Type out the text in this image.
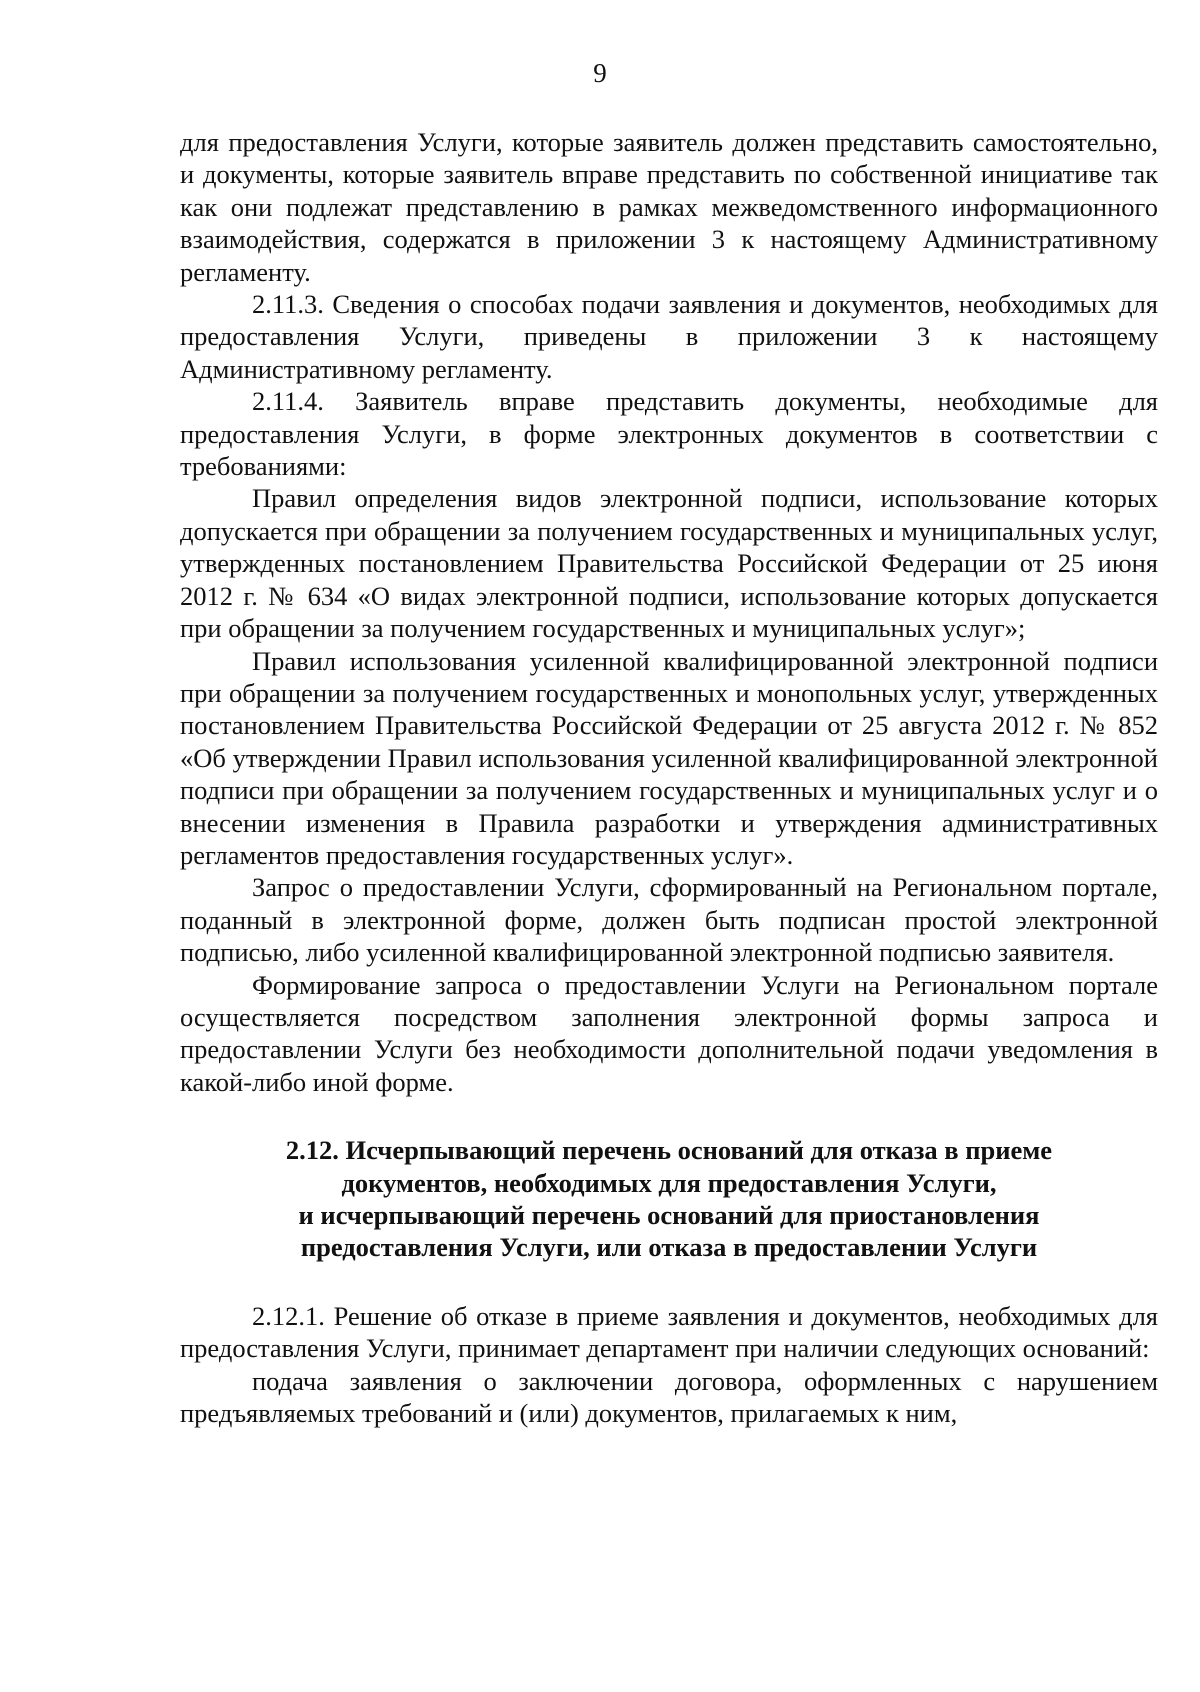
9

для предоставления Услуги, которые заявитель должен представить самостоятельно, и документы, которые заявитель вправе представить по собственной инициативе так как они подлежат представлению в рамках межведомственного информационного взаимодействия, содержатся в приложении 3 к настоящему Административному регламенту.

2.11.3. Сведения о способах подачи заявления и документов, необходимых для предоставления Услуги, приведены в приложении 3 к настоящему Административному регламенту.

2.11.4. Заявитель вправе представить документы, необходимые для предоставления Услуги, в форме электронных документов в соответствии с требованиями:

Правил определения видов электронной подписи, использование которых допускается при обращении за получением государственных и муниципальных услуг, утвержденных постановлением Правительства Российской Федерации от 25 июня 2012 г. № 634 «О видах электронной подписи, использование которых допускается при обращении за получением государственных и муниципальных услуг»;

Правил использования усиленной квалифицированной электронной подписи при обращении за получением государственных и монопольных услуг, утвержденных постановлением Правительства Российской Федерации от 25 августа 2012 г. № 852 «Об утверждении Правил использования усиленной квалифицированной электронной подписи при обращении за получением государственных и муниципальных услуг и о внесении изменения в Правила разработки и утверждения административных регламентов предоставления государственных услуг».

Запрос о предоставлении Услуги, сформированный на Региональном портале, поданный в электронной форме, должен быть подписан простой электронной подписью, либо усиленной квалифицированной электронной подписью заявителя.

Формирование запроса о предоставлении Услуги на Региональном портале осуществляется посредством заполнения электронной формы запроса и предоставлении Услуги без необходимости дополнительной подачи уведомления в какой-либо иной форме.

2.12. Исчерпывающий перечень оснований для отказа в приеме
документов, необходимых для предоставления Услуги,
и исчерпывающий перечень оснований для приостановления
предоставления Услуги, или отказа в предоставлении Услуги

2.12.1. Решение об отказе в приеме заявления и документов, необходимых для предоставления Услуги, принимает департамент при наличии следующих оснований:

подача заявления о заключении договора, оформленных с нарушением предъявляемых требований и (или) документов, прилагаемых к ним,
